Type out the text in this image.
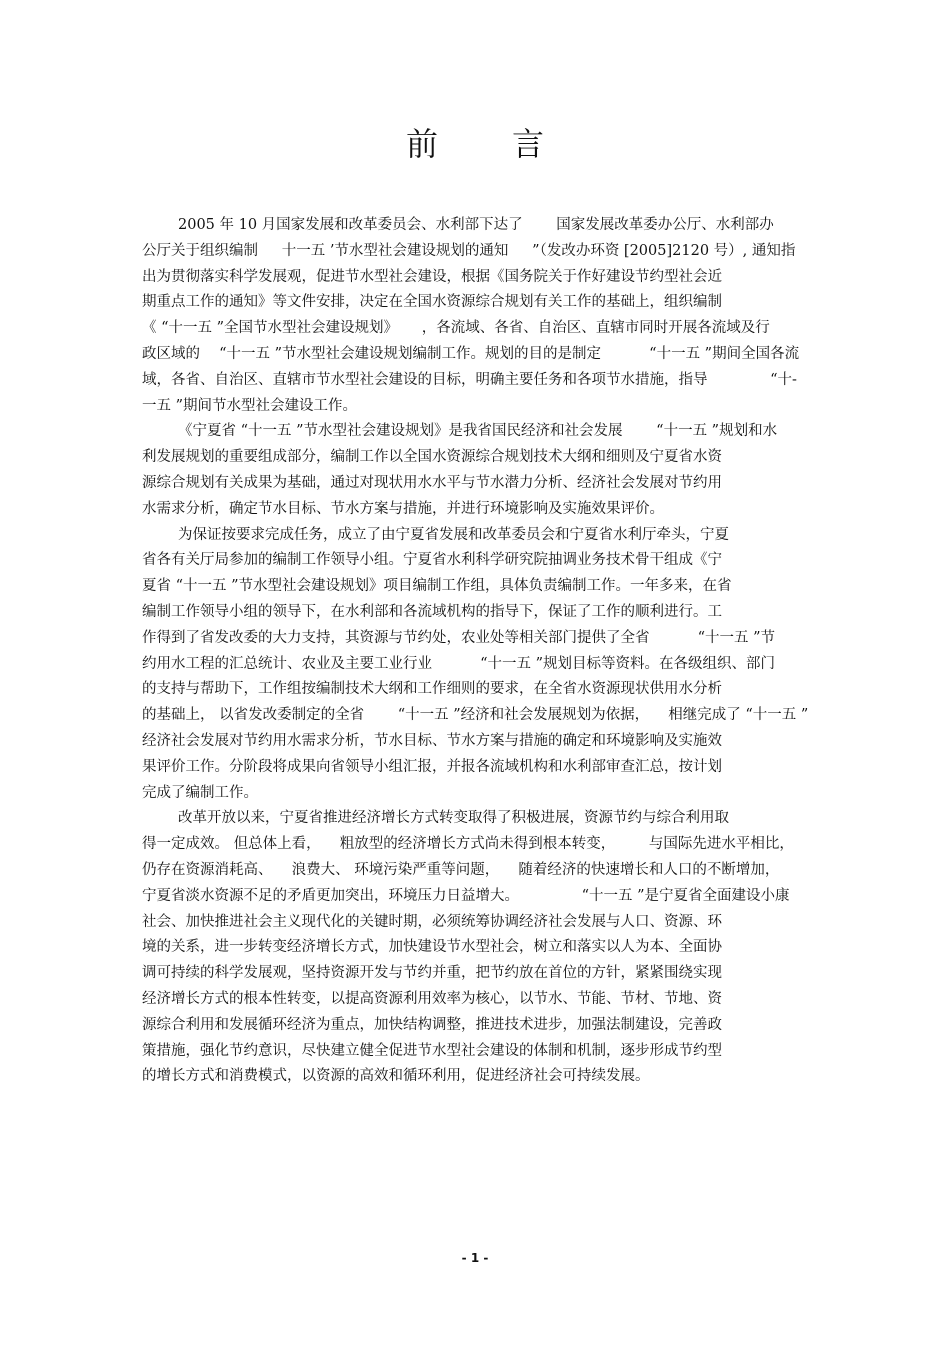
前 言
2005 年 10 月国家发展和改革委员会、水利部下达了 　　国家发展改革委办公厅、水利部办
公厅关于组织编制 　 十一五 ’节水型社会建设规划的通知 　 ”（发改办环资 [2005]2120 号）, 通知指
出为贯彻落实科学发展观，促进节水型社会建设，根据《国务院关于作好建设节约型社会近
期重点工作的通知》等文件安排，决定在全国水资源综合规划有关工作的基础上，组织编制
《 “十一五 ”全国节水型社会建设规划》 　 ，各流域、各省、自治区、直辖市同时开展各流域及行
政区域的 　“十一五 ”节水型社会建设规划编制工作。规划的目的是制定 　　　“十一五 ”期间全国各流
域，各省、自治区、直辖市节水型社会建设的目标，明确主要任务和各项节水措施，指导 　　　　“十-
一五 ”期间节水型社会建设工作。
《宁夏省 “十一五 ”节水型社会建设规划》是我省国民经济和社会发展 　　“十一五 ”规划和水
利发展规划的重要组成部分，编制工作以全国水资源综合规划技术大纲和细则及宁夏省水资
源综合规划有关成果为基础，通过对现状用水水平与节水潜力分析、经济社会发展对节约用
水需求分析，确定节水目标、节水方案与措施，并进行环境影响及实施效果评价。
为保证按要求完成任务，成立了由宁夏省发展和改革委员会和宁夏省水利厅牵头，宁夏
省各有关厅局参加的编制工作领导小组。宁夏省水利科学研究院抽调业务技术骨干组成《宁
夏省 “十一五 ”节水型社会建设规划》项目编制工作组，具体负责编制工作。一年多来，在省
编制工作领导小组的领导下，在水利部和各流域机构的指导下，保证了工作的顺利进行。工
作得到了省发改委的大力支持，其资源与节约处，农业处等相关部门提供了全省 　　　“十一五 ”节
约用水工程的汇总统计、农业及主要工业行业 　　　“十一五 ”规划目标等资料。在各级组织、部门
的支持与帮助下，工作组按编制技术大纲和工作细则的要求，在全省水资源现状供用水分析
的基础上， 以省发改委制定的全省 　　“十一五 ”经济和社会发展规划为依据， 　相继完成了 “十一五 ”
经济社会发展对节约用水需求分析，节水目标、节水方案与措施的确定和环境影响及实施效
果评价工作。分阶段将成果向省领导小组汇报，并报各流域机构和水利部审查汇总，按计划
完成了编制工作。
改革开放以来，宁夏省推进经济增长方式转变取得了积极进展，资源节约与综合利用取
得一定成效。 但总体上看， 　粗放型的经济增长方式尚未得到根本转变， 　　与国际先进水平相比，
仍存在资源消耗高、 　浪费大、 环境污染严重等问题， 　随着经济的快速增长和人口的不断增加，
宁夏省淡水资源不足的矛盾更加突出，环境压力日益增大。 　　　　“十一五 ”是宁夏省全面建设小康
社会、加快推进社会主义现代化的关键时期，必须统筹协调经济社会发展与人口、资源、环
境的关系，进一步转变经济增长方式，加快建设节水型社会，树立和落实以人为本、全面协
调可持续的科学发展观，坚持资源开发与节约并重，把节约放在首位的方针，紧紧围绕实现
经济增长方式的根本性转变，以提高资源利用效率为核心，以节水、节能、节材、节地、资
源综合利用和发展循环经济为重点，加快结构调整，推进技术进步，加强法制建设，完善政
策措施，强化节约意识，尽快建立健全促进节水型社会建设的体制和机制，逐步形成节约型
的增长方式和消费模式，以资源的高效和循环利用，促进经济社会可持续发展。
- 1 -
